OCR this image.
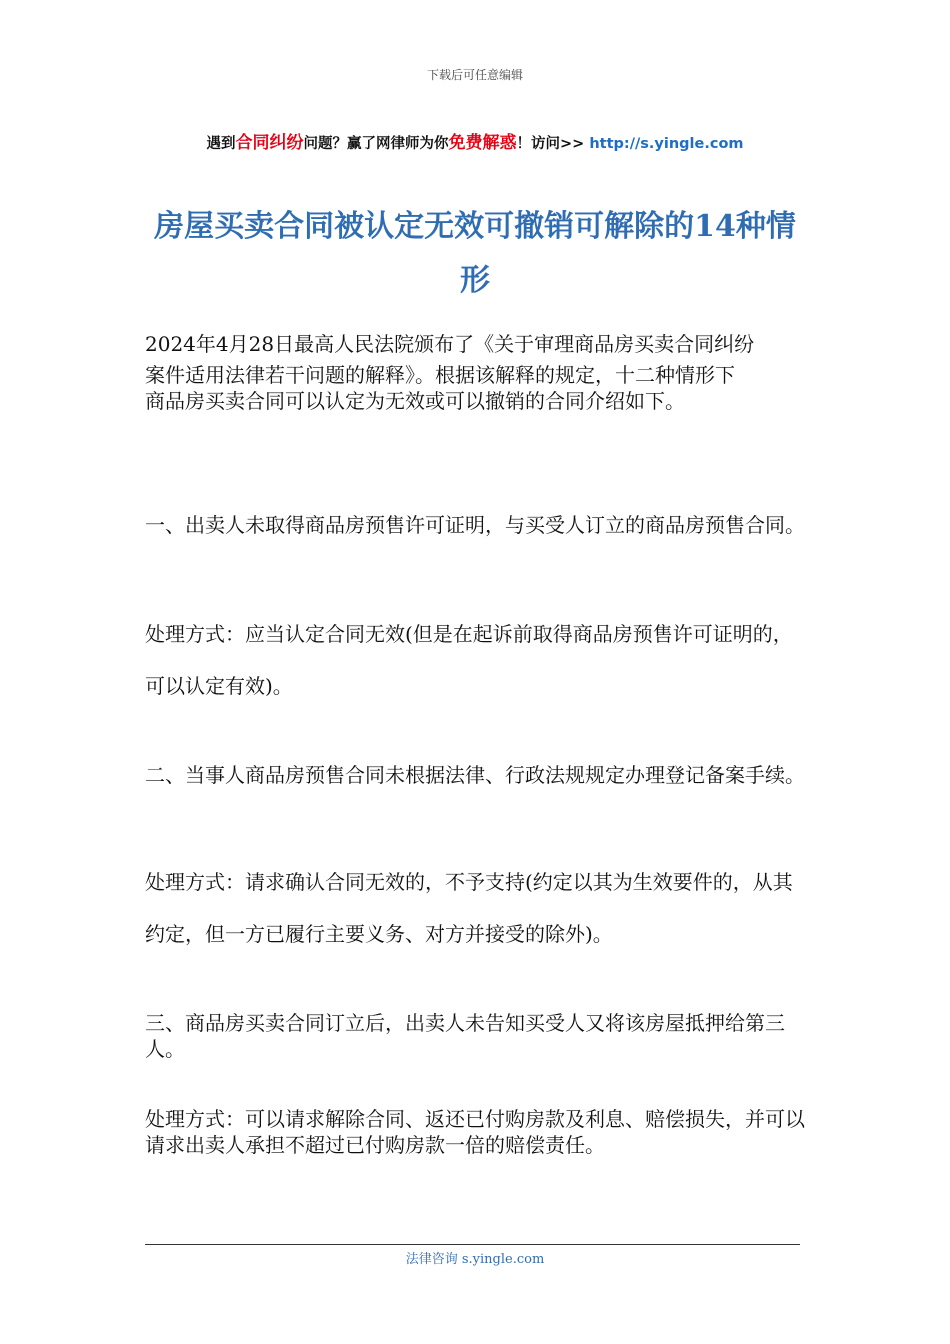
下载后可任意编辑
遇到合同纠纷问题？赢了网律师为你免费解惑！访问>> http://s.yingle.com
房屋买卖合同被认定无效可撤销可解除的14种情形
2024年4月28日最高人民法院颁布了《关于审理商品房买卖合同纠纷
案件适用法律若干问题的解释》。根据该解释的规定，十二种情形下
商品房买卖合同可以认定为无效或可以撤销的合同介绍如下。
一、出卖人未取得商品房预售许可证明，与买受人订立的商品房预售合同。
处理方式：应当认定合同无效(但是在起诉前取得商品房预售许可证明的，可以认定有效)。
二、当事人商品房预售合同未根据法律、行政法规规定办理登记备案手续。
处理方式：请求确认合同无效的，不予支持(约定以其为生效要件的，从其约定，但一方已履行主要义务、对方并接受的除外)。
三、商品房买卖合同订立后，出卖人未告知买受人又将该房屋抵押给第三人。
处理方式：可以请求解除合同、返还已付购房款及利息、赔偿损失，并可以请求出卖人承担不超过已付购房款一倍的赔偿责任。
法律咨询 s.yingle.com
